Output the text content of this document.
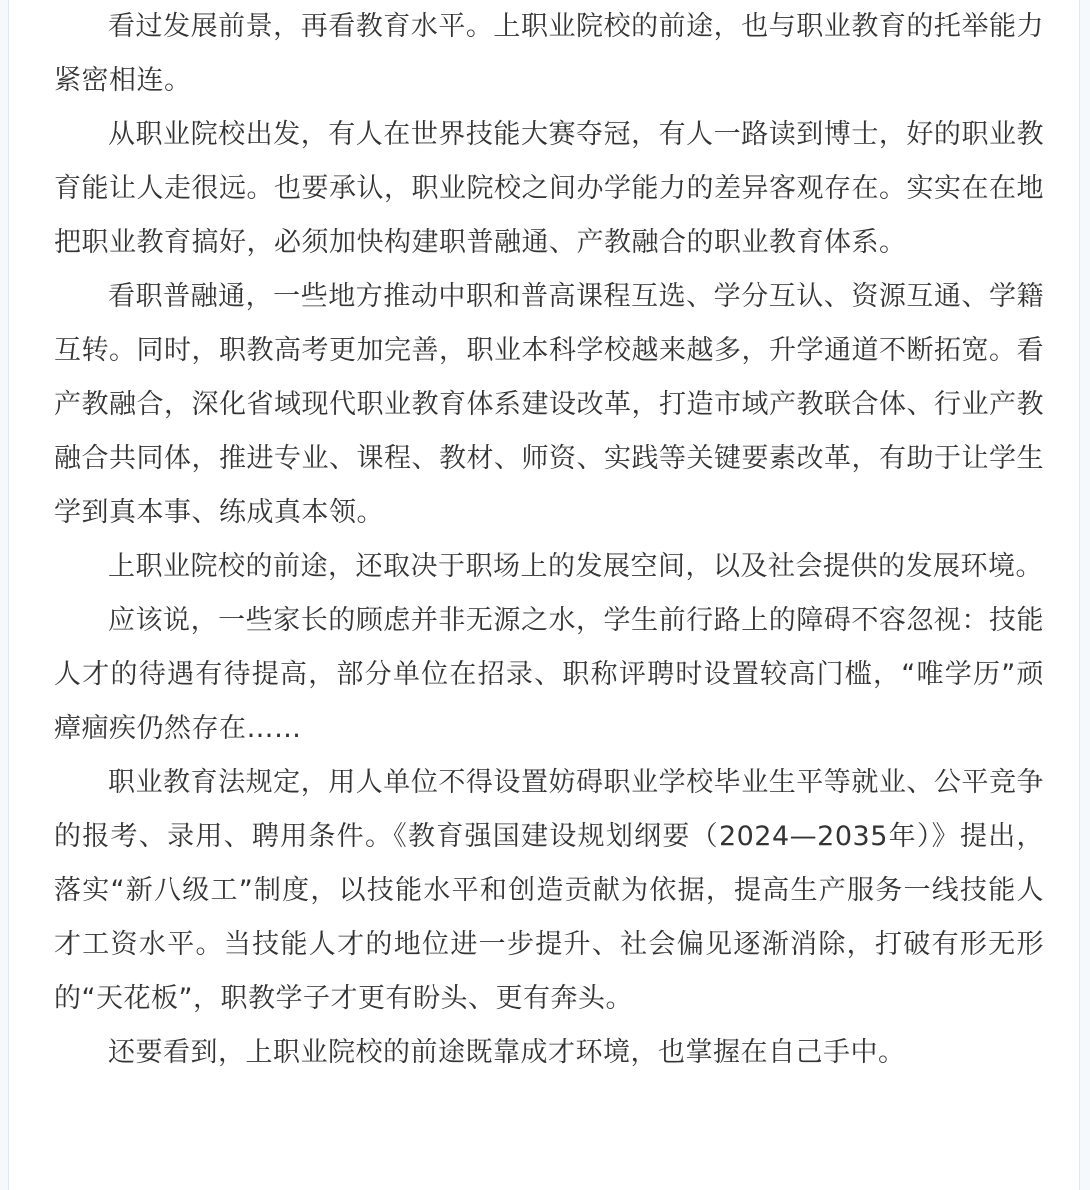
看过发展前景，再看教育水平。上职业院校的前途，也与职业教育的托举能力紧密相连。

从职业院校出发，有人在世界技能大赛夺冠，有人一路读到博士，好的职业教育能让人走很远。也要承认，职业院校之间办学能力的差异客观存在。实实在在地把职业教育搞好，必须加快构建职普融通、产教融合的职业教育体系。

看职普融通，一些地方推动中职和普高课程互选、学分互认、资源互通、学籍互转。同时，职教高考更加完善，职业本科学校越来越多，升学通道不断拓宽。看产教融合，深化省域现代职业教育体系建设改革，打造市域产教联合体、行业产教融合共同体，推进专业、课程、教材、师资、实践等关键要素改革，有助于让学生学到真本事、练成真本领。

上职业院校的前途，还取决于职场上的发展空间，以及社会提供的发展环境。

应该说，一些家长的顾虑并非无源之水，学生前行路上的障碍不容忽视：技能人才的待遇有待提高，部分单位在招录、职称评聘时设置较高门槛，“唯学历”顽瘴痼疾仍然存在……

职业教育法规定，用人单位不得设置妨碍职业学校毕业生平等就业、公平竞争的报考、录用、聘用条件。《教育强国建设规划纲要（2024—2035年）》提出，落实“新八级工”制度，以技能水平和创造贡献为依据，提高生产服务一线技能人才工资水平。当技能人才的地位进一步提升、社会偏见逐渐消除，打破有形无形的“天花板”，职教学子才更有盼头、更有奔头。

还要看到，上职业院校的前途既靠成才环境，也掌握在自己手中。
